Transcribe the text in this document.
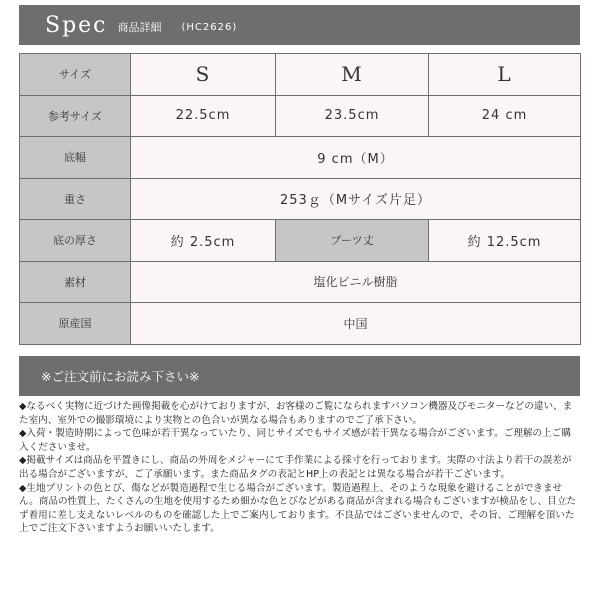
Spec 商品詳細 (HC2626)
サイズ	S	M	L
参考サイズ	22.5cm	23.5cm	24 cm
底幅	9 cm（M）		
重さ	253ｇ（Mサイズ片足）		
底の厚さ	約 2.5cm	ブーツ丈	約 12.5cm
素材	塩化ビニル樹脂		
原産国	中国		
※ご注文前にお読み下さい※

◆なるべく実物に近づけた画像掲載を心がけておりますが、お客様のご覧になられますパソコン機器及びモニターなどの違い、また室内、室外での撮影環境により実物との色合いが異なる場合もありますのでご了承下さい。

◆入荷・製造時期によって色味が若干異なっていたり、同じサイズでもサイズ感が若干異なる場合がございます。ご理解の上ご購入くださいませ。

◆掲載サイズは商品を平置きにし、商品の外周をメジャーにて手作業による採寸を行っております。実際の寸法より若干の誤差が出る場合がございますが、ご了承願います。また商品タグの表記とHP上の表記とは異なる場合が若干ございます。

◆生地プリントの色とび、傷などが製造過程で生じる場合がございます。製造過程上、そのような現象を避けることができません。商品の性質上、たくさんの生地を使用するため細かな色とびなどがある商品が含まれる場合もございますが検品をし、目立たず着用に差し支えないレベルのものを確認した上でご案内しております。不良品ではございませんので、その旨、ご理解を頂いた上でご注文下さいますようお願いいたします。
